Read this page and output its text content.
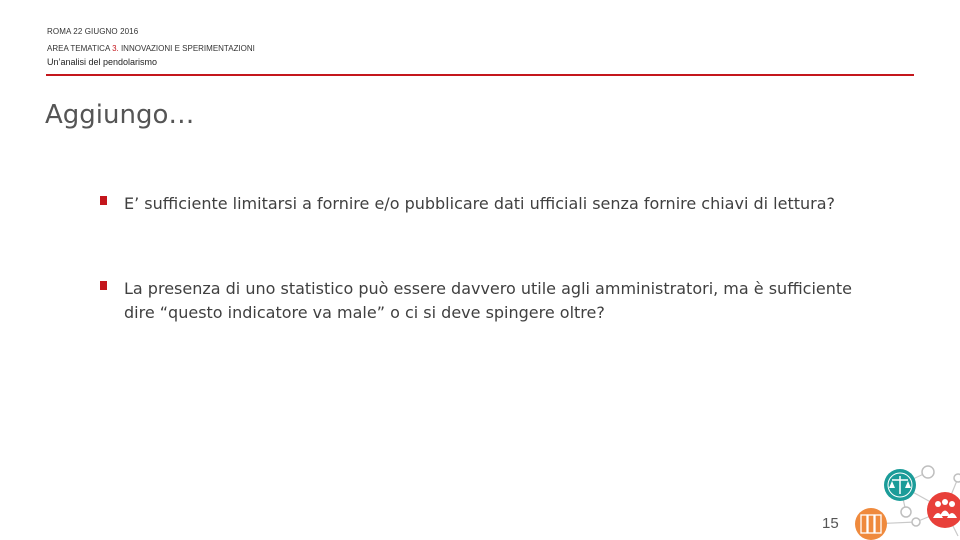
ROMA 22 GIUGNO 2016
AREA TEMATICA 3. INNOVAZIONI E SPERIMENTAZIONI
Un’analisi del pendolarismo
Aggiungo…
E’ sufficiente limitarsi a fornire e/o pubblicare dati ufficiali senza fornire chiavi di lettura?
La presenza di uno statistico può essere davvero utile agli amministratori, ma è sufficiente dire “questo indicatore va male” o ci si deve spingere oltre?
15
